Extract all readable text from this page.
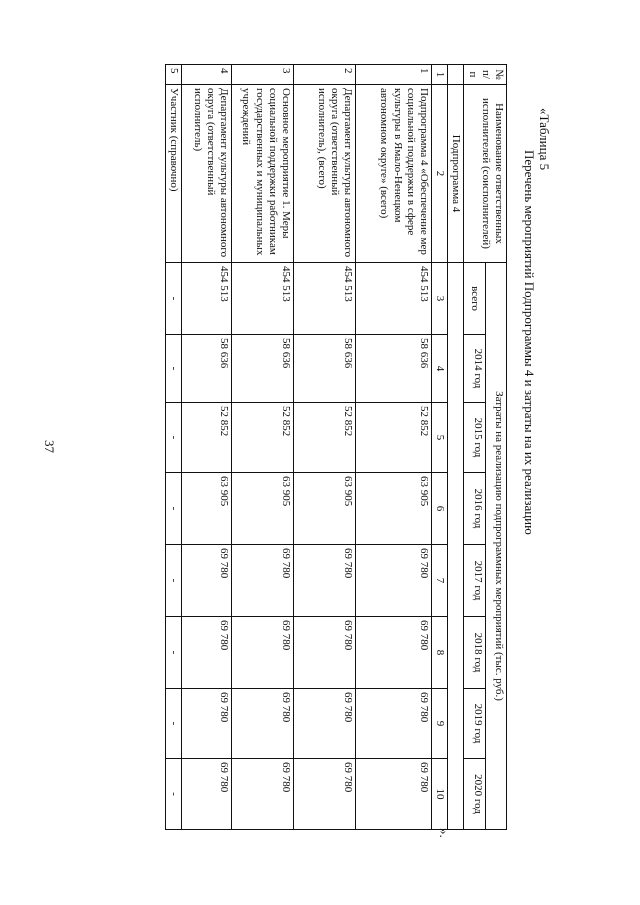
37
«Таблица 5
Перечень мероприятий Подпрограммы 4 и затраты на их реализацию
№ п/п	Наименование ответственных исполнителей (соисполнителей)	Затраты на реализацию подпрограммных мероприятий (тыс. руб.)							
		всего	2014 год	2015 год	2016 год	2017 год	2018 год	2019 год	2020 год
	Подпрограмма 4								
1	2	3	4	5	6	7	8	9	10
1	Подпрограмма 4 «Обеспечение мер социальной поддержки в сфере культуры в Ямало-Ненецком автономном округе» (всего)	454 513	58 636	52 852	63 905	69 780	69 780	69 780	69 780
2	Департамент культуры автономного округа (ответственный исполнитель), (всего)	454 513	58 636	52 852	63 905	69 780	69 780	69 780	69 780
3	Основное мероприятие 1. Меры социальной поддержки работникам государственных и муниципальных учреждений	454 513	58 636	52 852	63 905	69 780	69 780	69 780	69 780
4	Департамент культуры автономного округа (ответственный исполнитель)	454 513	58 636	52 852	63 905	69 780	69 780	69 780	69 780
5	Участник (справочно)	-	-	-	-	-	-	-	-
».
